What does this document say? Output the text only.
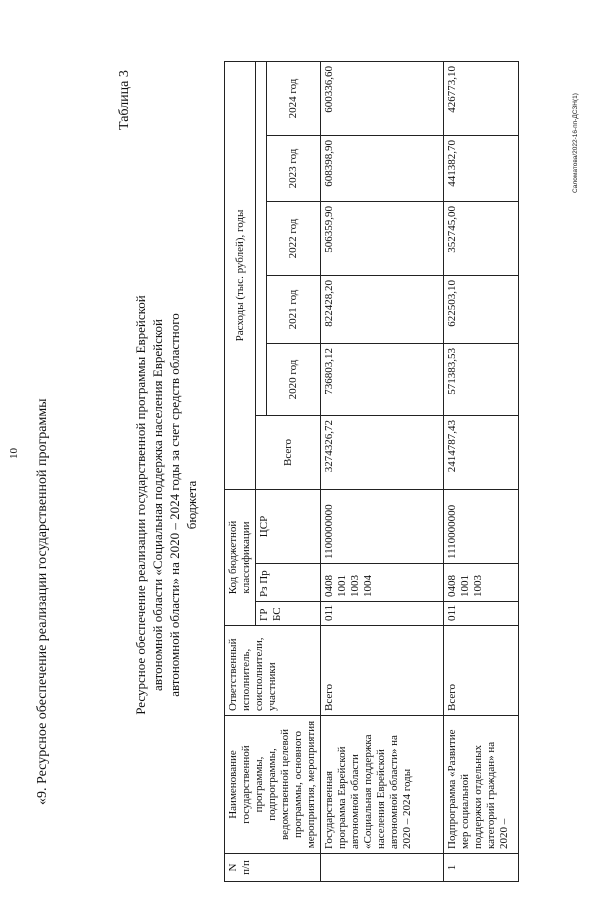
10 «9. Ресурсное обеспечение реализации государственной программы
Таблица 3
Ресурсное обеспечение реализации государственной программы Еврейской автономной области «Социальная поддержка населения Еврейской автономной области» на 2020 – 2024 годы за счет средств областного бюджета
N п/п	Наименование государственной программы, подпрограммы, ведомственной целевой программы, основного мероприятия, мероприятия	Ответственный исполнитель, соисполнители, участники	Код бюджетной классификации			Расходы (тыс. рублей), годы					
			ГР БС	Рз Пр	ЦСР	Всего					
							2020 год	2021 год	2022 год	2023 год	2024 год
	Государственная программа Еврейской автономной области «Социальная поддержка населения Еврейской автономной области» на 2020 – 2024 годы	Всего	011	0408 1001 1003 1004	1100000000	3274326,72	736803,12	822428,20	506359,90	608398,90	600336,60
1	Подпрограмма «Развитие мер социальной поддержки отдельных категорий граждан» на 2020 –	Всего	011	0408 1001 1003	1110000000	2414787,43	571383,53	622503,10	352745,00	441382,70	426773,10
Саломатова/2022-16-пп-ДСЗН(1)
